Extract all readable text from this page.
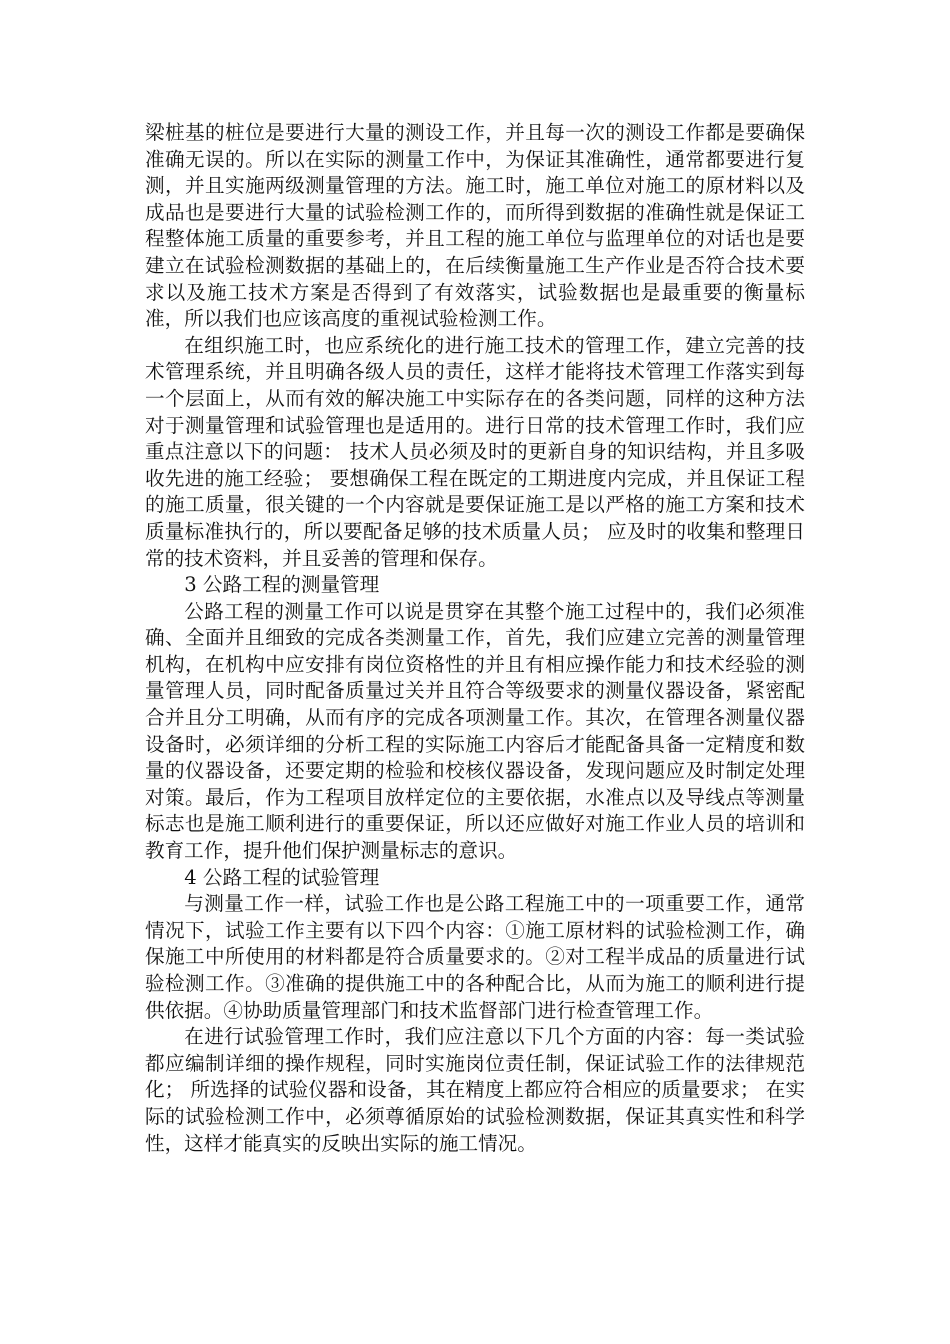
梁桩基的桩位是要进行大量的测设工作，并且每一次的测设工作都是要确保准确无误的。所以在实际的测量工作中，为保证其准确性，通常都要进行复测，并且实施两级测量管理的方法。施工时，施工单位对施工的原材料以及成品也是要进行大量的试验检测工作的，而所得到数据的准确性就是保证工程整体施工质量的重要参考，并且工程的施工单位与监理单位的对话也是要建立在试验检测数据的基础上的，在后续衡量施工生产作业是否符合技术要求以及施工技术方案是否得到了有效落实，试验数据也是最重要的衡量标准，所以我们也应该高度的重视试验检测工作。

在组织施工时，也应系统化的进行施工技术的管理工作，建立完善的技术管理系统，并且明确各级人员的责任，这样才能将技术管理工作落实到每一个层面上，从而有效的解决施工中实际存在的各类问题，同样的这种方法对于测量管理和试验管理也是适用的。进行日常的技术管理工作时，我们应重点注意以下的问题： 技术人员必须及时的更新自身的知识结构，并且多吸收先进的施工经验； 要想确保工程在既定的工期进度内完成，并且保证工程的施工质量，很关键的一个内容就是要保证施工是以严格的施工方案和技术质量标准执行的，所以要配备足够的技术质量人员； 应及时的收集和整理日常的技术资料，并且妥善的管理和保存。

3 公路工程的测量管理

公路工程的测量工作可以说是贯穿在其整个施工过程中的，我们必须准确、全面并且细致的完成各类测量工作，首先，我们应建立完善的测量管理机构，在机构中应安排有岗位资格性的并且有相应操作能力和技术经验的测量管理人员，同时配备质量过关并且符合等级要求的测量仪器设备，紧密配合并且分工明确，从而有序的完成各项测量工作。其次，在管理各测量仪器设备时，必须详细的分析工程的实际施工内容后才能配备具备一定精度和数量的仪器设备，还要定期的检验和校核仪器设备，发现问题应及时制定处理对策。最后，作为工程项目放样定位的主要依据，水准点以及导线点等测量标志也是施工顺利进行的重要保证，所以还应做好对施工作业人员的培训和教育工作，提升他们保护测量标志的意识。

4 公路工程的试验管理

与测量工作一样，试验工作也是公路工程施工中的一项重要工作，通常情况下，试验工作主要有以下四个内容：①施工原材料的试验检测工作，确保施工中所使用的材料都是符合质量要求的。②对工程半成品的质量进行试验检测工作。③准确的提供施工中的各种配合比，从而为施工的顺利进行提供依据。④协助质量管理部门和技术监督部门进行检查管理工作。

在进行试验管理工作时，我们应注意以下几个方面的内容：每一类试验都应编制详细的操作规程，同时实施岗位责任制，保证试验工作的法律规范化； 所选择的试验仪器和设备，其在精度上都应符合相应的质量要求； 在实际的试验检测工作中，必须尊循原始的试验检测数据，保证其真实性和科学性，这样才能真实的反映出实际的施工情况。
